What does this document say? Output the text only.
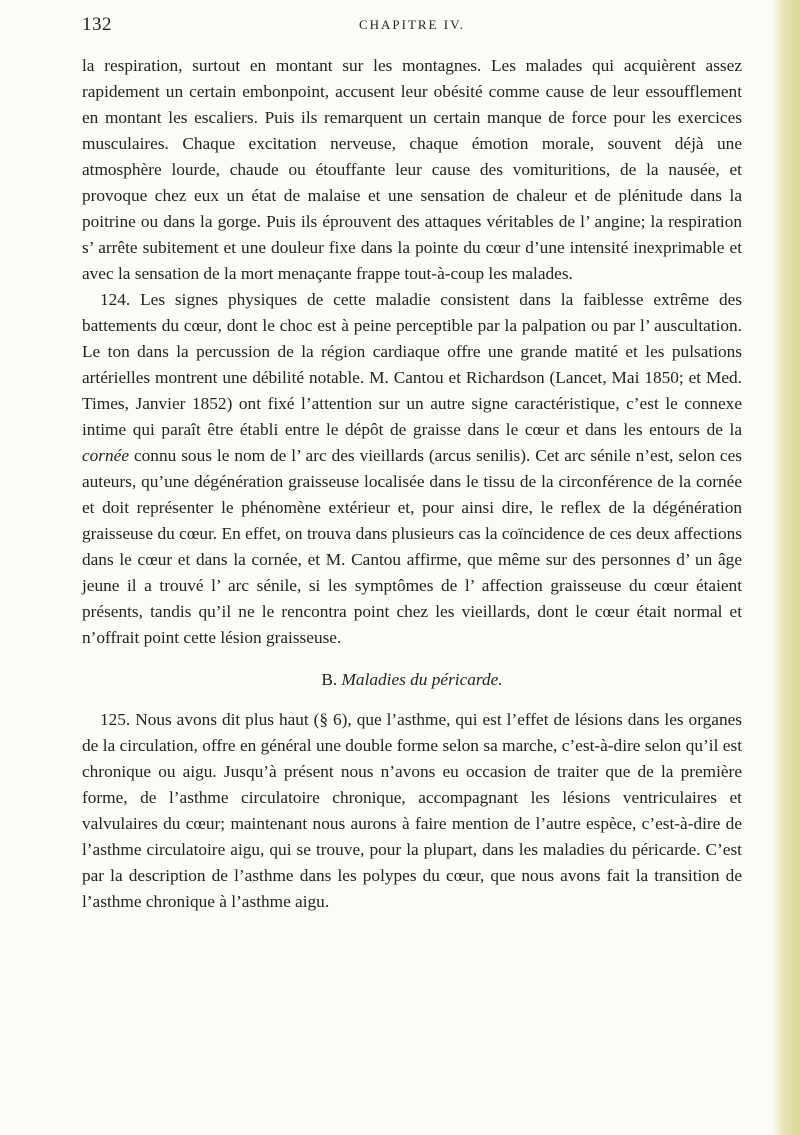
132	CHAPITRE IV.

la respiration, surtout en montant sur les montagnes. Les malades qui acquièrent assez rapidement un certain embonpoint, accusent leur obésité comme cause de leur essoufflement en montant les escaliers. Puis ils remarquent un certain manque de force pour les exercices musculaires. Chaque excitation nerveuse, chaque émotion morale, souvent déjà une atmosphère lourde, chaude ou étouffante leur cause des vomituritions, de la nausée, et provoque chez eux un état de malaise et une sensation de chaleur et de plénitude dans la poitrine ou dans la gorge. Puis ils éprouvent des attaques véritables de l’ angine; la respiration s’ arrête subitement et une douleur fixe dans la pointe du cœur d’une intensité inexprimable et avec la sensation de la mort menaçante frappe tout-à-coup les malades.

124. Les signes physiques de cette maladie consistent dans la faiblesse extrême des battements du cœur, dont le choc est à peine perceptible par la palpation ou par l’ auscultation. Le ton dans la percussion de la région cardiaque offre une grande matité et les pulsations artérielles montrent une débilité notable. M. Cantou et Richardson (Lancet, Mai 1850; et Med. Times, Janvier 1852) ont fixé l’attention sur un autre signe caractéristique, c’est le connexe intime qui paraît être établi entre le dépôt de graisse dans le cœur et dans les entours de la cornée connu sous le nom de l’ arc des vieillards (arcus senilis). Cet arc sénile n’est, selon ces auteurs, qu’une dégénération graisseuse localisée dans le tissu de la circonférence de la cornée et doit représenter le phénomène extérieur et, pour ainsi dire, le reflex de la dégénération graisseuse du cœur. En effet, on trouva dans plusieurs cas la coïncidence de ces deux affections dans le cœur et dans la cornée, et M. Cantou affirme, que même sur des personnes d’ un âge jeune il a trouvé l’ arc sénile, si les symptômes de l’ affection graisseuse du cœur étaient présents, tandis qu’il ne le rencontra point chez les vieillards, dont le cœur était normal et n’offrait point cette lésion graisseuse.

B. Maladies du péricarde.

125. Nous avons dit plus haut (§ 6), que l’asthme, qui est l’effet de lésions dans les organes de la circulation, offre en général une double forme selon sa marche, c’est-à-dire selon qu’il est chronique ou aigu. Jusqu’à présent nous n’avons eu occasion de traiter que de la première forme, de l’asthme circulatoire chronique, accompagnant les lésions ventriculaires et valvulaires du cœur; maintenant nous aurons à faire mention de l’autre espèce, c’est-à-dire de l’asthme circulatoire aigu, qui se trouve, pour la plupart, dans les maladies du péricarde. C’est par la description de l’asthme dans les polypes du cœur, que nous avons fait la transition de l’asthme chronique à l’asthme aigu.
